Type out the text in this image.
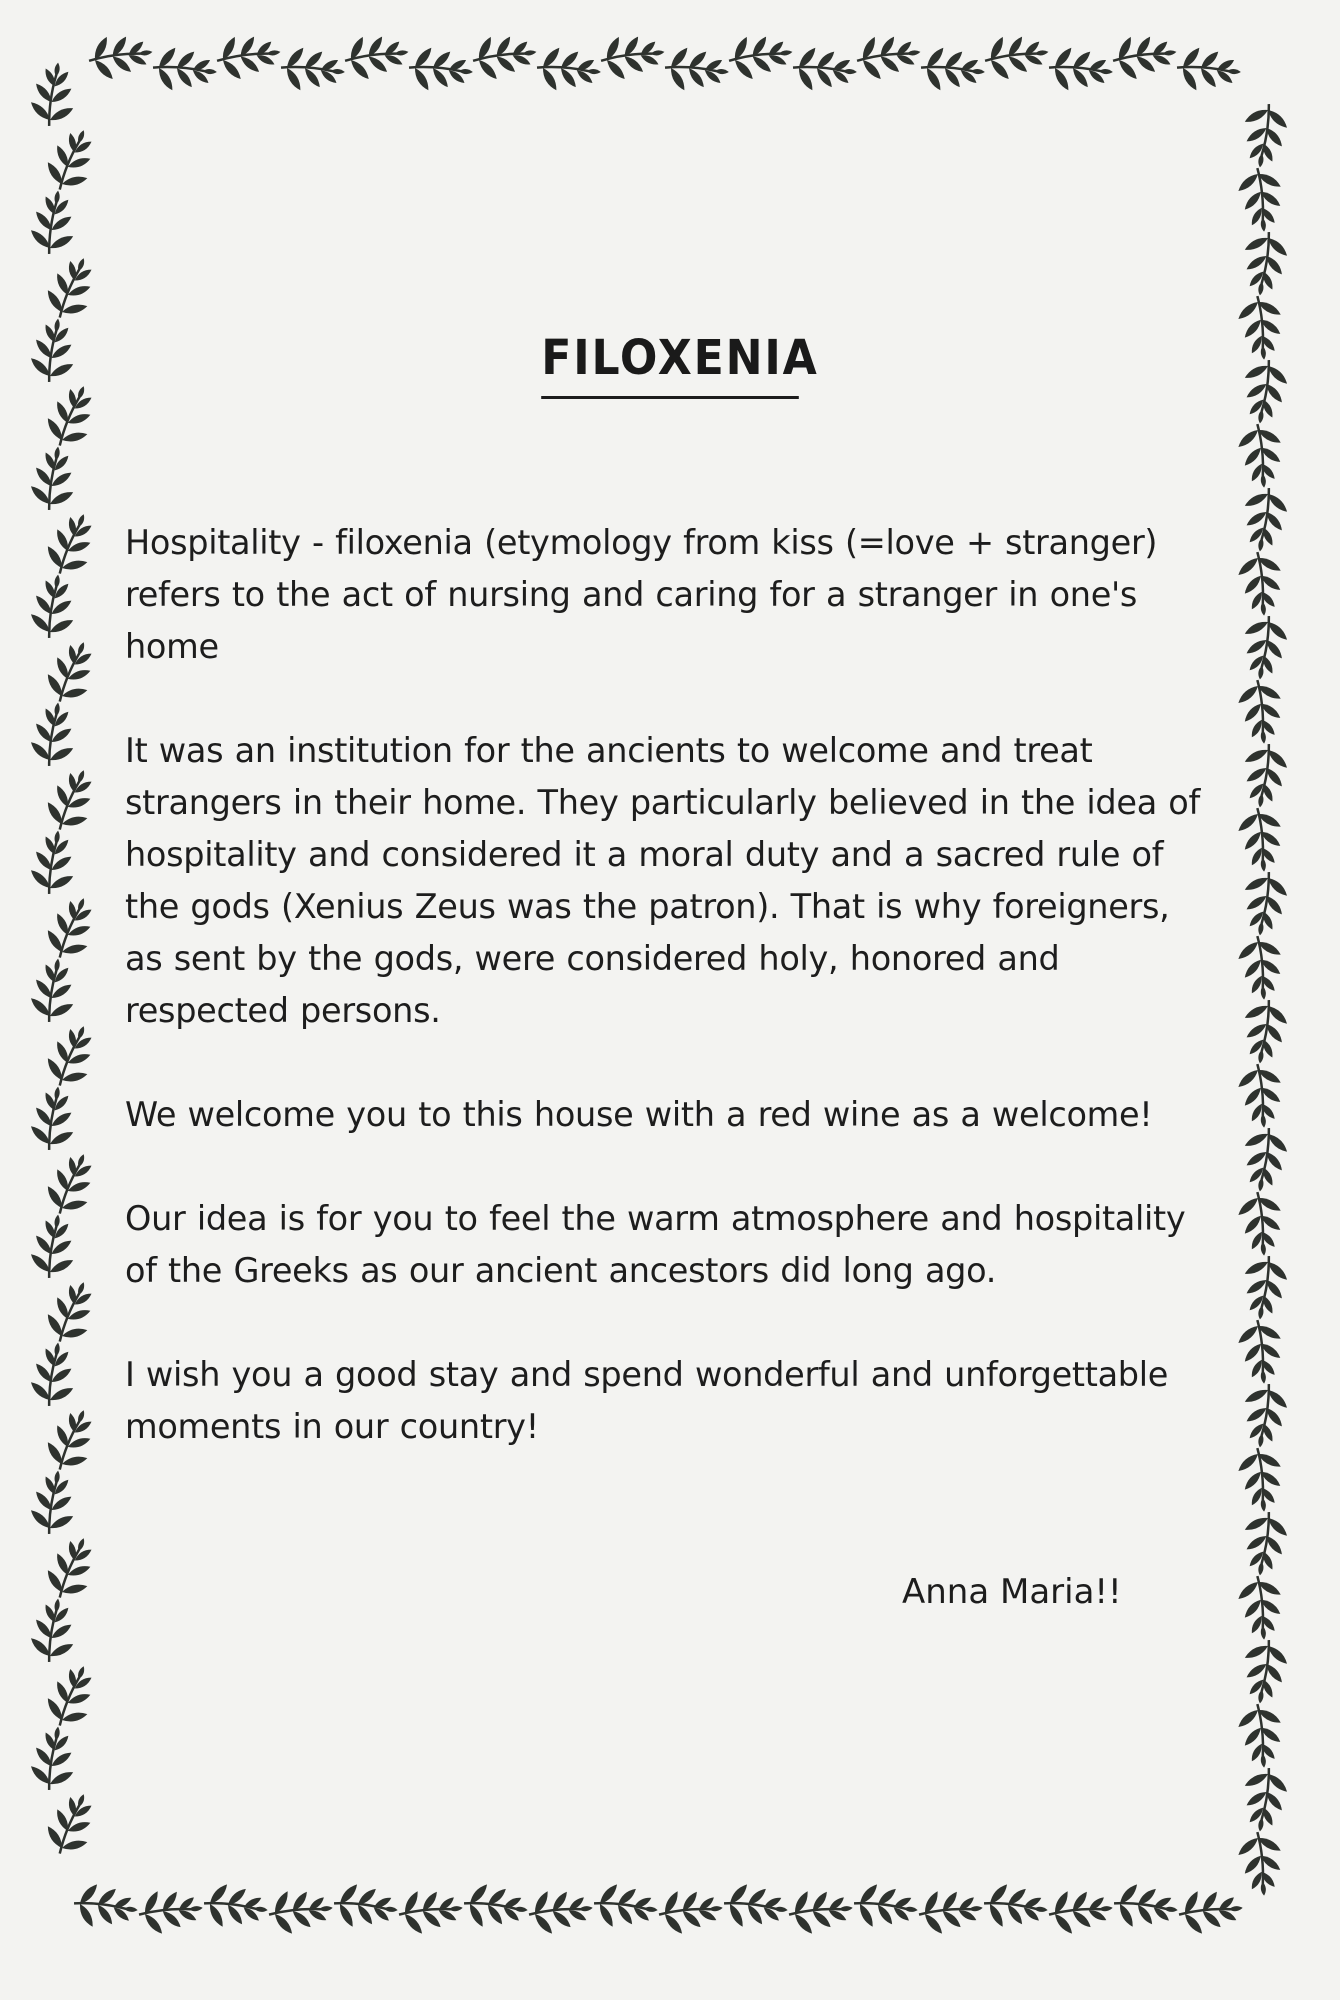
FILOXENIA

Hospitality - filoxenia (etymology from kiss (=love + stranger) refers to the act of nursing and caring for a stranger in one's home

It was an institution for the ancients to welcome and treat strangers in their home. They particularly believed in the idea of hospitality and considered it a moral duty and a sacred rule of the gods (Xenius Zeus was the patron). That is why foreigners, as sent by the gods, were considered holy, honored and respected persons.

We welcome you to this house with a red wine as a welcome!

Our idea is for you to feel the warm atmosphere and hospitality of the Greeks as our ancient ancestors did long ago.

I wish you a good stay and spend wonderful and unforgettable moments in our country!

Anna Maria!!
